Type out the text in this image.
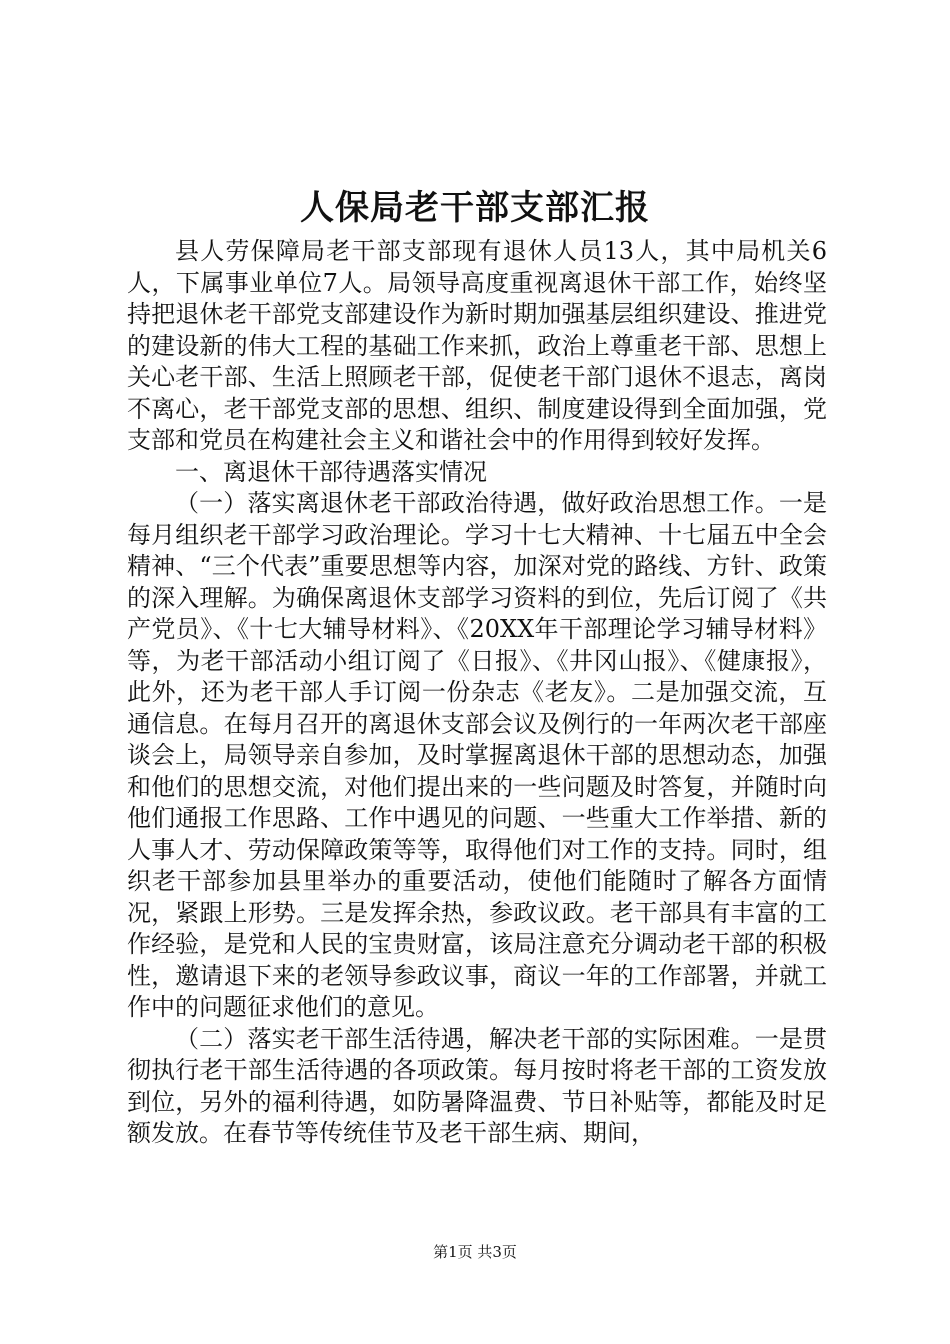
人保局老干部支部汇报

县人劳保障局老干部支部现有退休人员13人，其中局机关6人，下属事业单位7人。局领导高度重视离退休干部工作，始终坚持把退休老干部党支部建设作为新时期加强基层组织建设、推进党的建设新的伟大工程的基础工作来抓，政治上尊重老干部、思想上关心老干部、生活上照顾老干部，促使老干部门退休不退志，离岗不离心，老干部党支部的思想、组织、制度建设得到全面加强，党支部和党员在构建社会主义和谐社会中的作用得到较好发挥。

一、离退休干部待遇落实情况

（一）落实离退休老干部政治待遇，做好政治思想工作。一是每月组织老干部学习政治理论。学习十七大精神、十七届五中全会精神、“三个代表”重要思想等内容，加深对党的路线、方针、政策的深入理解。为确保离退休支部学习资料的到位，先后订阅了《共产党员》、《十七大辅导材料》、《20XX年干部理论学习辅导材料》等，为老干部活动小组订阅了《日报》、《井冈山报》、《健康报》，此外，还为老干部人手订阅一份杂志《老友》。二是加强交流，互通信息。在每月召开的离退休支部会议及例行的一年两次老干部座谈会上，局领导亲自参加，及时掌握离退休干部的思想动态，加强和他们的思想交流，对他们提出来的一些问题及时答复，并随时向他们通报工作思路、工作中遇见的问题、一些重大工作举措、新的人事人才、劳动保障政策等等，取得他们对工作的支持。同时，组织老干部参加县里举办的重要活动，使他们能随时了解各方面情况，紧跟上形势。三是发挥余热，参政议政。老干部具有丰富的工作经验，是党和人民的宝贵财富，该局注意充分调动老干部的积极性，邀请退下来的老领导参政议事，商议一年的工作部署，并就工作中的问题征求他们的意见。

（二）落实老干部生活待遇，解决老干部的实际困难。一是贯彻执行老干部生活待遇的各项政策。每月按时将老干部的工资发放到位，另外的福利待遇，如防暑降温费、节日补贴等，都能及时足额发放。在春节等传统佳节及老干部生病、期间，

第1页 共3页
